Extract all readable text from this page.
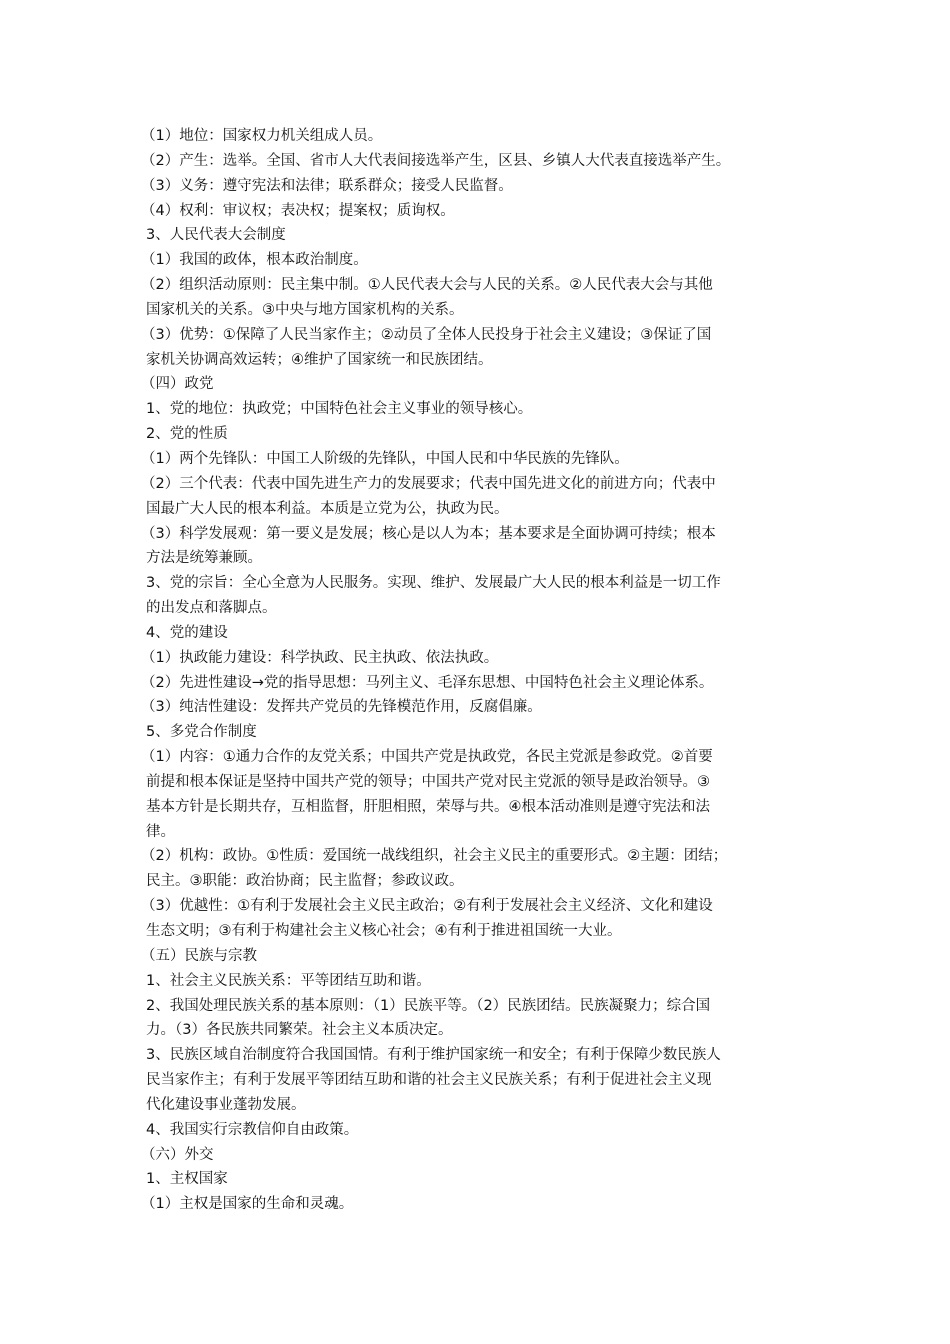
（1）地位：国家权力机关组成人员。
（2）产生：选举。全国、省市人大代表间接选举产生，区县、乡镇人大代表直接选举产生。
（3）义务：遵守宪法和法律；联系群众；接受人民监督。
（4）权利：审议权；表决权；提案权；质询权。
3、人民代表大会制度
（1）我国的政体，根本政治制度。
（2）组织活动原则：民主集中制。①人民代表大会与人民的关系。②人民代表大会与其他
国家机关的关系。③中央与地方国家机构的关系。
（3）优势：①保障了人民当家作主；②动员了全体人民投身于社会主义建设；③保证了国
家机关协调高效运转；④维护了国家统一和民族团结。
（四）政党
1、党的地位：执政党；中国特色社会主义事业的领导核心。
2、党的性质
（1）两个先锋队：中国工人阶级的先锋队，中国人民和中华民族的先锋队。
（2）三个代表：代表中国先进生产力的发展要求；代表中国先进文化的前进方向；代表中
国最广大人民的根本利益。本质是立党为公，执政为民。
（3）科学发展观：第一要义是发展；核心是以人为本；基本要求是全面协调可持续；根本
方法是统筹兼顾。
3、党的宗旨：全心全意为人民服务。实现、维护、发展最广大人民的根本利益是一切工作
的出发点和落脚点。
4、党的建设
（1）执政能力建设：科学执政、民主执政、依法执政。
（2）先进性建设→党的指导思想：马列主义、毛泽东思想、中国特色社会主义理论体系。
（3）纯洁性建设：发挥共产党员的先锋模范作用，反腐倡廉。
5、多党合作制度
（1）内容：①通力合作的友党关系；中国共产党是执政党，各民主党派是参政党。②首要
前提和根本保证是坚持中国共产党的领导；中国共产党对民主党派的领导是政治领导。③
基本方针是长期共存，互相监督，肝胆相照，荣辱与共。④根本活动准则是遵守宪法和法
律。
（2）机构：政协。①性质：爱国统一战线组织，社会主义民主的重要形式。②主题：团结；
民主。③职能：政治协商；民主监督；参政议政。
（3）优越性：①有利于发展社会主义民主政治；②有利于发展社会主义经济、文化和建设
生态文明；③有利于构建社会主义核心社会；④有利于推进祖国统一大业。
（五）民族与宗教
1、社会主义民族关系：平等团结互助和谐。
2、我国处理民族关系的基本原则：（1）民族平等。（2）民族团结。民族凝聚力；综合国
力。（3）各民族共同繁荣。社会主义本质决定。
3、民族区域自治制度符合我国国情。有利于维护国家统一和安全；有利于保障少数民族人
民当家作主；有利于发展平等团结互助和谐的社会主义民族关系；有利于促进社会主义现
代化建设事业蓬勃发展。
4、我国实行宗教信仰自由政策。
（六）外交
1、主权国家
（1）主权是国家的生命和灵魂。
